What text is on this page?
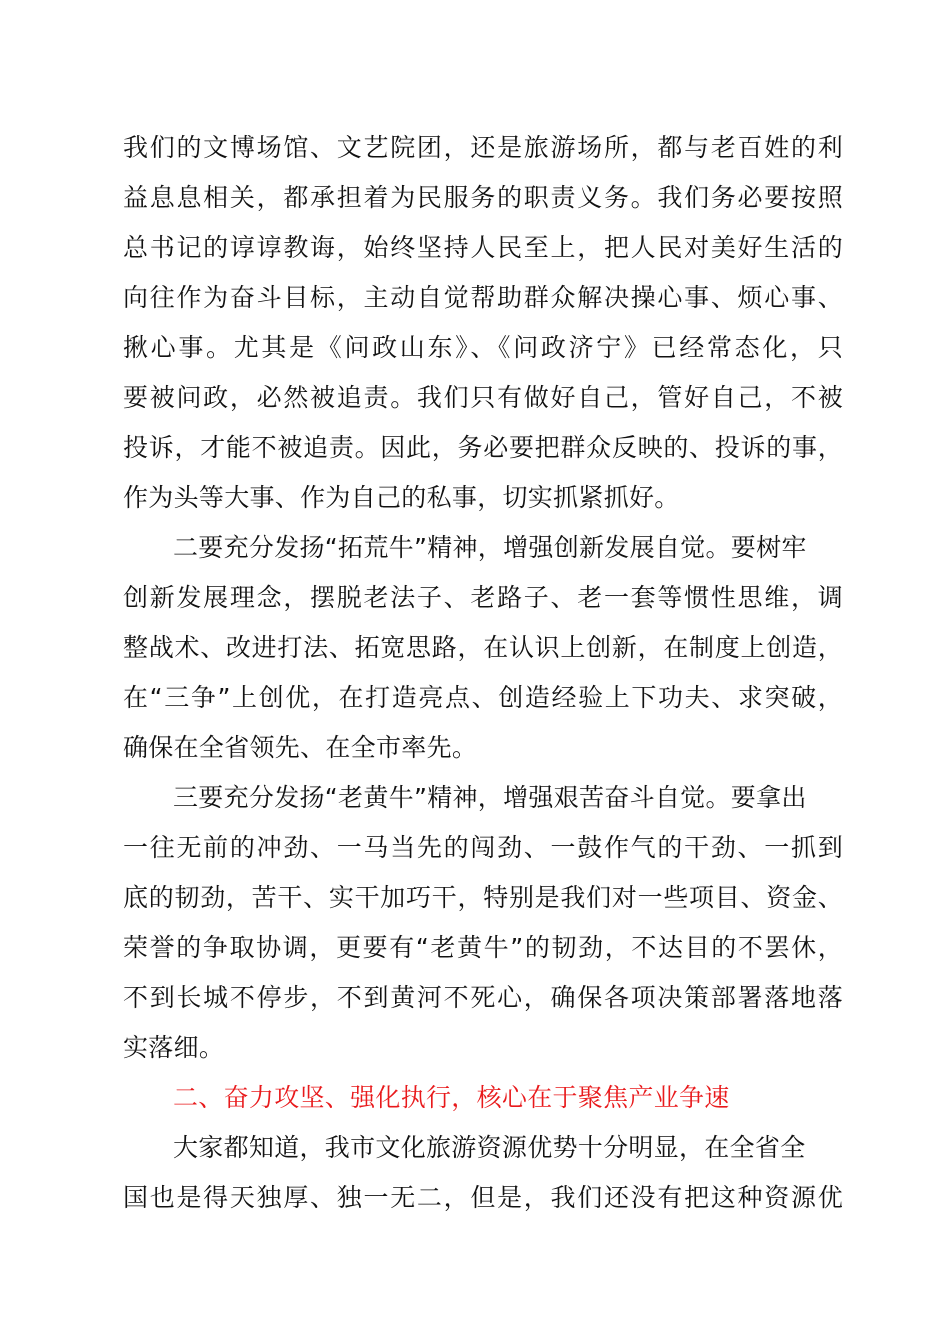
我们的文博场馆、文艺院团，还是旅游场所，都与老百姓的利
益息息相关，都承担着为民服务的职责义务。我们务必要按照
总书记的谆谆教诲，始终坚持人民至上，把人民对美好生活的
向往作为奋斗目标，主动自觉帮助群众解决操心事、烦心事、
揪心事。尤其是《问政山东》、《问政济宁》已经常态化，只
要被问政，必然被追责。我们只有做好自己，管好自己，不被
投诉，才能不被追责。因此，务必要把群众反映的、投诉的事，
作为头等大事、作为自己的私事，切实抓紧抓好。
二要充分发扬“拓荒牛”精神，增强创新发展自觉。要树牢
创新发展理念，摆脱老法子、老路子、老一套等惯性思维，调
整战术、改进打法、拓宽思路，在认识上创新，在制度上创造，
在“三争”上创优，在打造亮点、创造经验上下功夫、求突破，
确保在全省领先、在全市率先。
三要充分发扬“老黄牛”精神，增强艰苦奋斗自觉。要拿出
一往无前的冲劲、一马当先的闯劲、一鼓作气的干劲、一抓到
底的韧劲，苦干、实干加巧干，特别是我们对一些项目、资金、
荣誉的争取协调，更要有“老黄牛”的韧劲，不达目的不罢休，
不到长城不停步，不到黄河不死心，确保各项决策部署落地落
实落细。
二、奋力攻坚、强化执行，核心在于聚焦产业争速
大家都知道，我市文化旅游资源优势十分明显，在全省全
国也是得天独厚、独一无二，但是，我们还没有把这种资源优
